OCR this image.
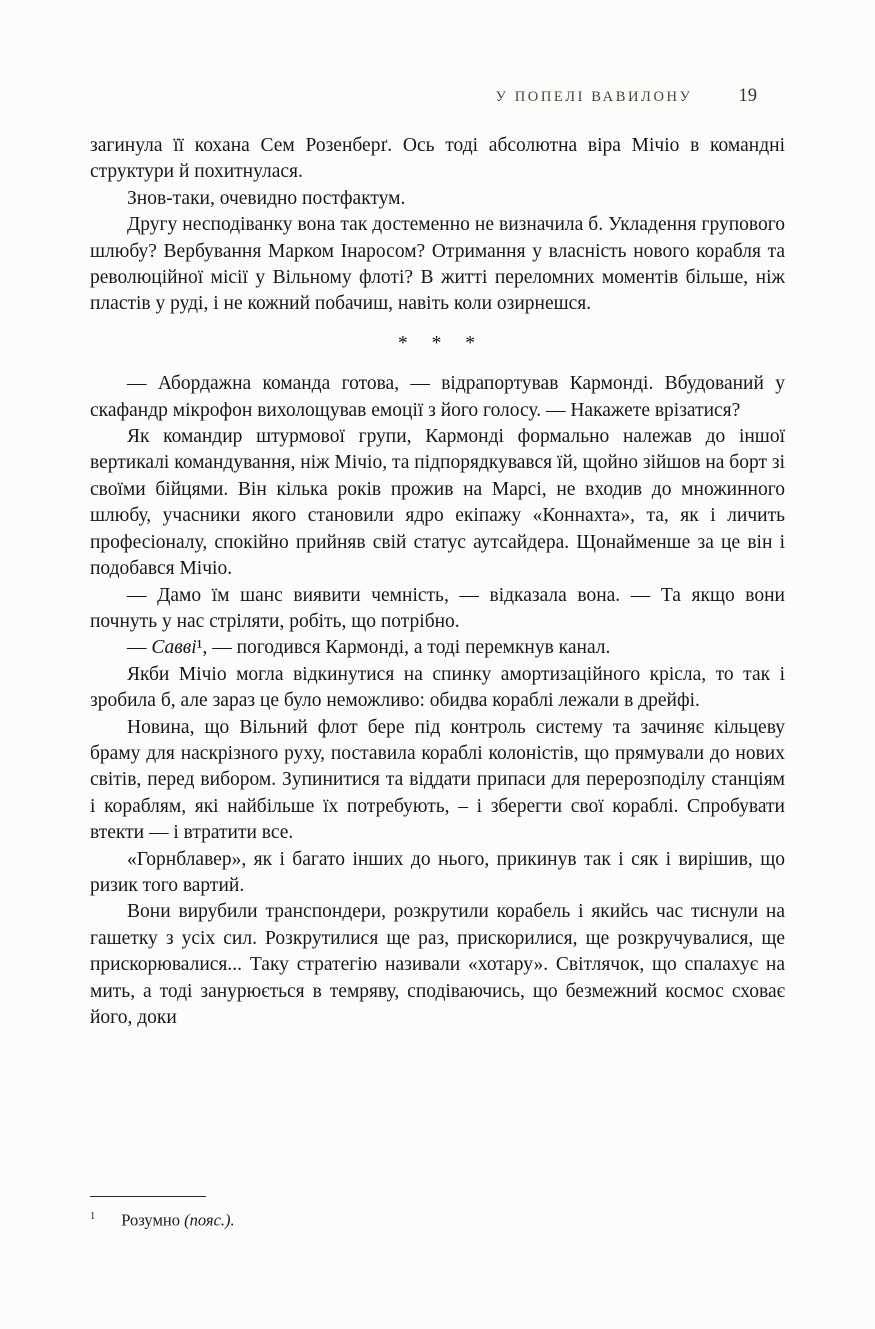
У ПОПЕЛІ ВАВИЛОНУ 19

загинула її кохана Сем Розенберґ. Ось тоді абсолютна віра Мічіо в командні структури й похитнулася.

Знов-таки, очевидно постфактум.

Другу несподіванку вона так достеменно не визначила б. Укладення групового шлюбу? Вербування Марком Інаросом? Отримання у власність нового корабля та революційної місії у Вільному флоті? В житті переломних моментів більше, ніж пластів у руді, і не кожний побачиш, навіть коли озирнешся.

* * *

— Абордажна команда готова, — відрапортував Кармонді. Вбудований у скафандр мікрофон вихолощував емоції з його голосу. — Накажете врізатися?

Як командир штурмової групи, Кармонді формально належав до іншої вертикалі командування, ніж Мічіо, та підпорядкувався їй, щойно зійшов на борт зі своїми бійцями. Він кілька років прожив на Марсі, не входив до множинного шлюбу, учасники якого становили ядро екіпажу «Коннахта», та, як і личить професіоналу, спокійно прийняв свій статус аутсайдера. Щонайменше за це він і подобався Мічіо.

— Дамо їм шанс виявити чемність, — відказала вона. — Та якщо вони почнуть у нас стріляти, робіть, що потрібно.

— Савві¹, — погодився Кармонді, а тоді перемкнув канал.

Якби Мічіо могла відкинутися на спинку амортизаційного крісла, то так і зробила б, але зараз це було неможливо: обидва кораблі лежали в дрейфі.

Новина, що Вільний флот бере під контроль систему та зачиняє кільцеву браму для наскрізного руху, поставила кораблі колоністів, що прямували до нових світів, перед вибором. Зупинитися та віддати припаси для перерозподілу станціям і кораблям, які найбільше їх потребують, – і зберегти свої кораблі. Спробувати втекти — і втратити все.

«Горнблавер», як і багато інших до нього, прикинув так і сяк і вирішив, що ризик того вартий.

Вони вирубили транспондери, розкрутили корабель і якийсь час тиснули на гашетку з усіх сил. Розкрутилися ще раз, прискорилися, ще розкручувалися, ще прискорювалися... Таку стратегію називали «хотару». Світлячок, що спалахує на мить, а тоді занурюється в темряву, сподіваючись, що безмежний космос сховає його, доки

$^1$ Розумно (пояс.).
